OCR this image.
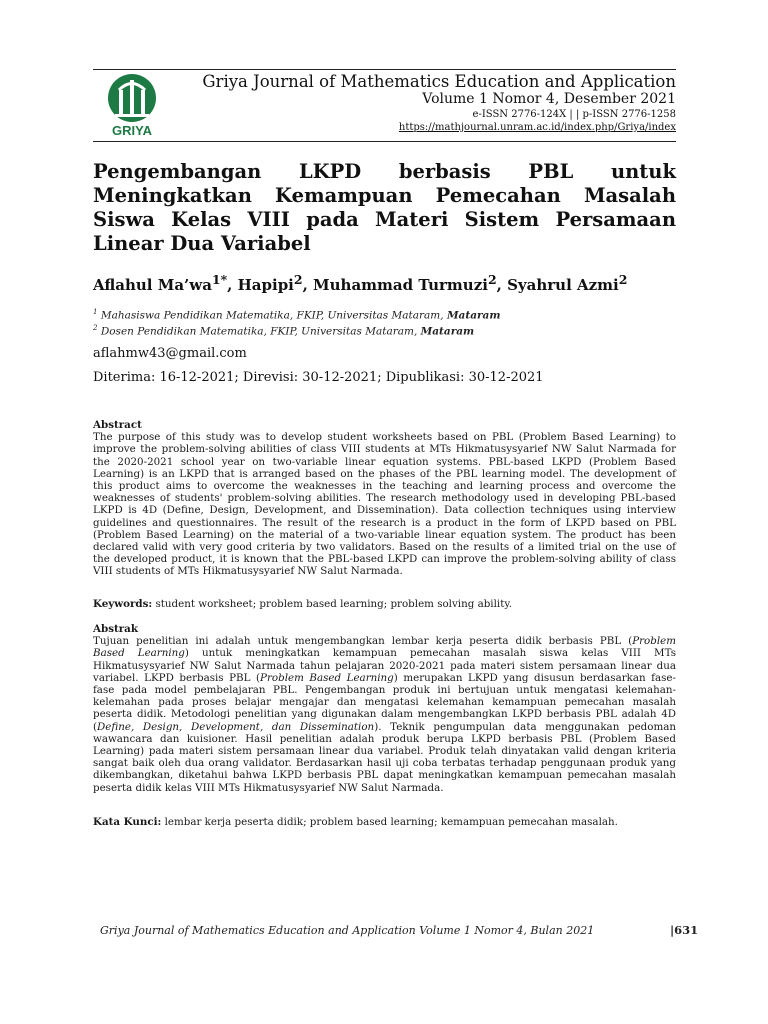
GRIYA
Griya Journal of Mathematics Education and Application
Volume 1 Nomor 4, Desember 2021
e-ISSN 2776-124X | | p-ISSN 2776-1258
https://mathjournal.unram.ac.id/index.php/Griya/index
Pengembangan LKPD berbasis PBL untuk Meningkatkan Kemampuan Pemecahan Masalah Siswa Kelas VIII pada Materi Sistem Persamaan Linear Dua Variabel
Aflahul $Ma’wa^{1*}$, Hapipi$^2$, Muhammad Turmuzi$^2$, Syahrul Azmi$^2$
$^1$ Mahasiswa Pendidikan Matematika, FKIP, Universitas Mataram, Mataram
$^2$ Dosen Pendidikan Matematika, FKIP, Universitas Mataram, Mataram
aflahmw43@gmail.com
Diterima: 16-12-2021; Direvisi: 30-12-2021; Dipublikasi: 30-12-2021
Abstract

The purpose of this study was to develop student worksheets based on PBL (Problem Based Learning) to

improve the problem-solving abilities of class VIII students at MTs Hikmatusysyarief NW Salut Narmada for

the 2020-2021 school year on two-variable linear equation systems. PBL-based LKPD (Problem Based

Learning) is an LKPD that is arranged based on the phases of the PBL learning model. The development of

this product aims to overcome the weaknesses in the teaching and learning process and overcome the

weaknesses of students' problem-solving abilities. The research methodology used in developing PBL-based

LKPD is 4D (Define, Design, Development, and Dissemination). Data collection techniques using interview

guidelines and questionnaires. The result of the research is a product in the form of LKPD based on PBL

(Problem Based Learning) on the material of a two-variable linear equation system. The product has been

declared valid with very good criteria by two validators. Based on the results of a limited trial on the use of

the developed product, it is known that the PBL-based LKPD can improve the problem-solving ability of class

VIII students of MTs Hikmatusysyarief NW Salut Narmada.

Keywords: student worksheet; problem based learning; problem solving ability.
Abstrak

Tujuan penelitian ini adalah untuk mengembangkan lembar kerja peserta didik berbasis PBL (Problem

Based Learning) untuk meningkatkan kemampuan pemecahan masalah siswa kelas VIII MTs

Hikmatusysyarief NW Salut Narmada tahun pelajaran 2020-2021 pada materi sistem persamaan linear dua

variabel. LKPD berbasis PBL (Problem Based Learning) merupakan LKPD yang disusun berdasarkan fase-

fase pada model pembelajaran PBL. Pengembangan produk ini bertujuan untuk mengatasi kelemahan-

kelemahan pada proses belajar mengajar dan mengatasi kelemahan kemampuan pemecahan masalah

peserta didik. Metodologi penelitian yang digunakan dalam mengembangkan LKPD berbasis PBL adalah 4D

(Define, Design, Development, dan Dissemination). Teknik pengumpulan data menggunakan pedoman

wawancara dan kuisioner. Hasil penelitian adalah produk berupa LKPD berbasis PBL (Problem Based

Learning) pada materi sistem persamaan linear dua variabel. Produk telah dinyatakan valid dengan kriteria

sangat baik oleh dua orang validator. Berdasarkan hasil uji coba terbatas terhadap penggunaan produk yang

dikembangkan, diketahui bahwa LKPD berbasis PBL dapat meningkatkan kemampuan pemecahan masalah

peserta didik kelas VIII MTs Hikmatusysyarief NW Salut Narmada.

Kata Kunci: lembar kerja peserta didik; problem based learning; kemampuan pemecahan masalah.
Griya Journal of Mathematics Education and Application Volume 1 Nomor 4, Bulan 2021	|631
